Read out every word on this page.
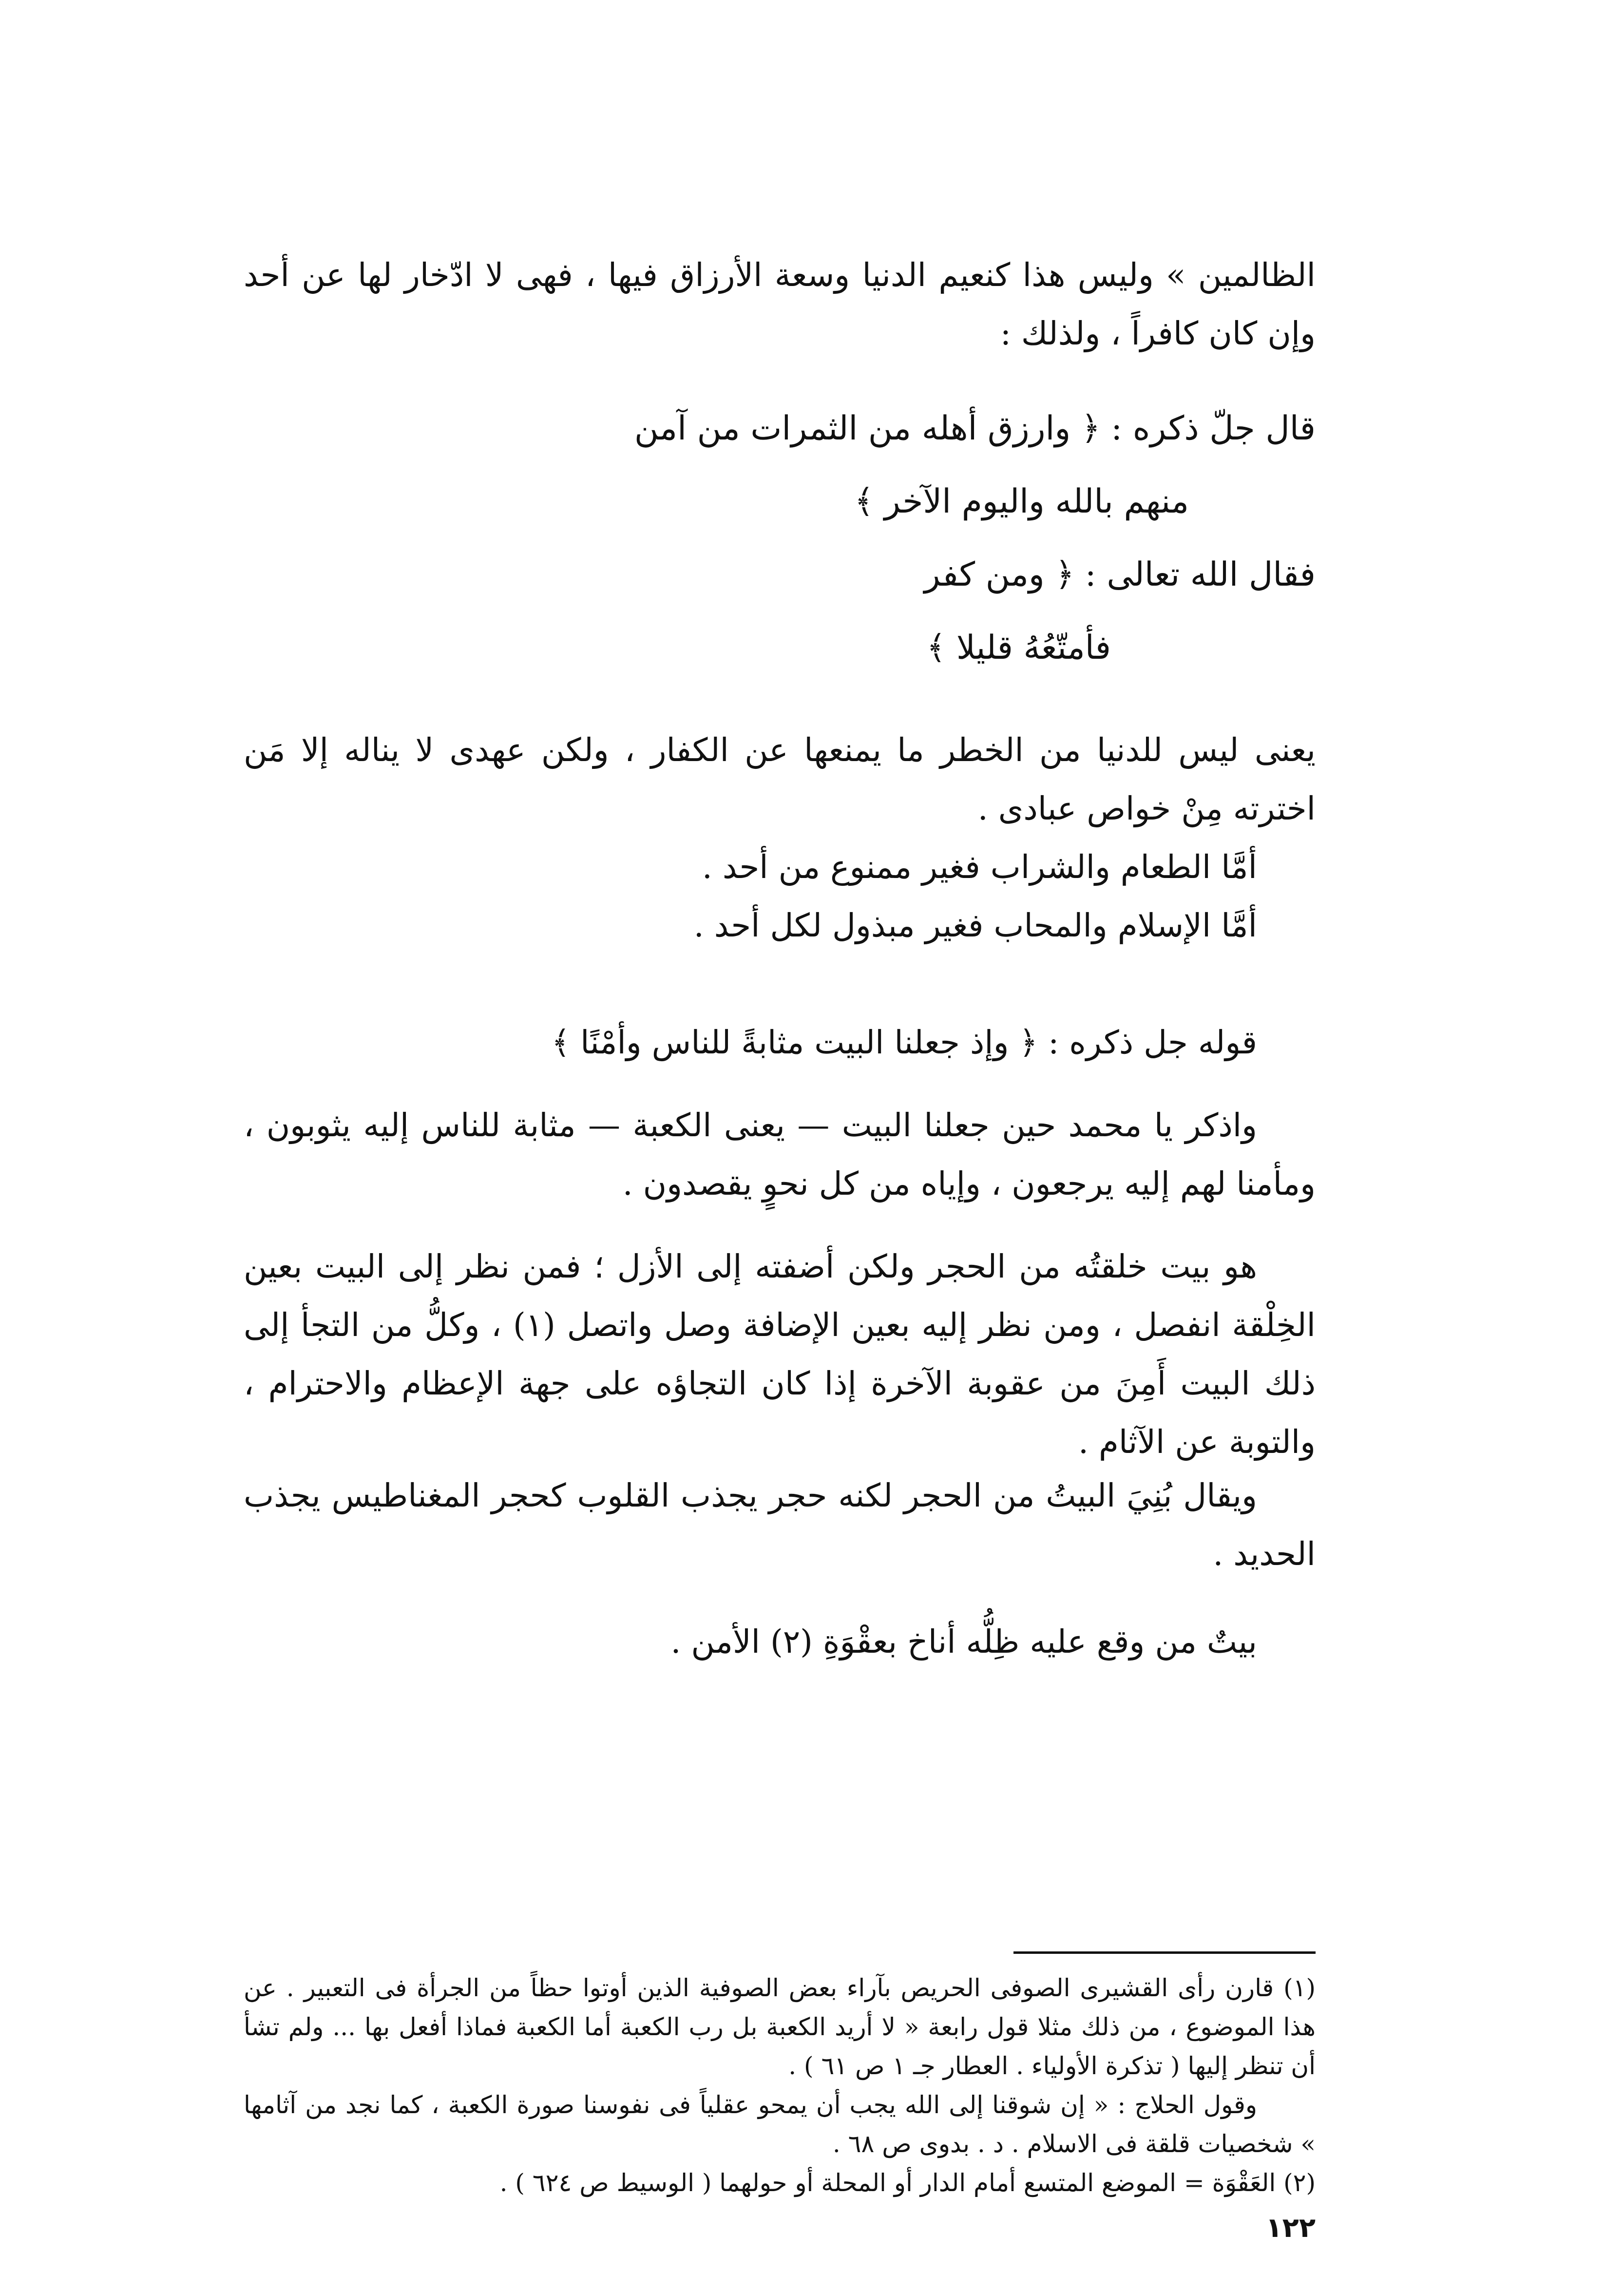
الظالمين » وليس هذا كنعيم الدنيا وسعة الأرزاق فيها ، فهى لا ادّخار لها عن أحد وإن كان كافراً ، ولذلك :

قال جلّ ذكره : ﴿ وارزق أهله من الثمرات من آمن
منهم بالله واليوم الآخر ﴾
فقال الله تعالى : ﴿ ومن كفر
فأمتّعُهُ قليلا ﴾

يعنى ليس للدنيا من الخطر ما يمنعها عن الكفار ، ولكن عهدى لا يناله إلا مَن اخترته مِنْ خواص عبادى .

أمَّا الطعام والشراب فغير ممنوع من أحد .

أمَّا الإسلام والمحاب فغير مبذول لكل أحد .

قوله جل ذكره : ﴿ وإذ جعلنا البيت مثابةً للناس وأمْنًا ﴾

واذكر يا محمد حين جعلنا البيت — يعنى الكعبة — مثابة للناس إليه يثوبون ، ومأمنا لهم إليه يرجعون ، وإياه من كل نحوٍ يقصدون .

هو بيت خلقتُه من الحجر ولكن أضفته إلى الأزل ؛ فمن نظر إلى البيت بعين الخِلْقة انفصل ، ومن نظر إليه بعين الإضافة وصل واتصل (١) ، وكلُّ من التجأ إلى ذلك البيت أَمِنَ من عقوبة الآخرة إذا كان التجاؤه على جهة الإعظام والاحترام ، والتوبة عن الآثام .

ويقال بُنِيَ البيتُ من الحجر لكنه حجر يجذب القلوب كحجر المغناطيس يجذب الحديد .

بيتٌ من وقع عليه ظِلُّه أناخ بعقْوَةِ (٢) الأمن .

(١) قارن رأى القشيرى الصوفى الحريص بآراء بعض الصوفية الذين أوتوا حظاً من الجرأة فى التعبير . عن هذا الموضوع ، من ذلك مثلا قول رابعة « لا أريد الكعبة بل رب الكعبة أما الكعبة فماذا أفعل بها ... ولم تشأ أن تنظر إليها ( تذكرة الأولياء . العطار جـ ١ ص ٦١ ) .

وقول الحلاج : « إن شوقنا إلى الله يجب أن يمحو عقلياً فى نفوسنا صورة الكعبة ، كما نجد من آثامها » شخصيات قلقة فى الاسلام . د . بدوى ص ٦٨ .

(٢) العَقْوَة = الموضع المتسع أمام الدار أو المحلة أو حولهما ( الوسيط ص ٦٢٤ ) .

١٢٢
